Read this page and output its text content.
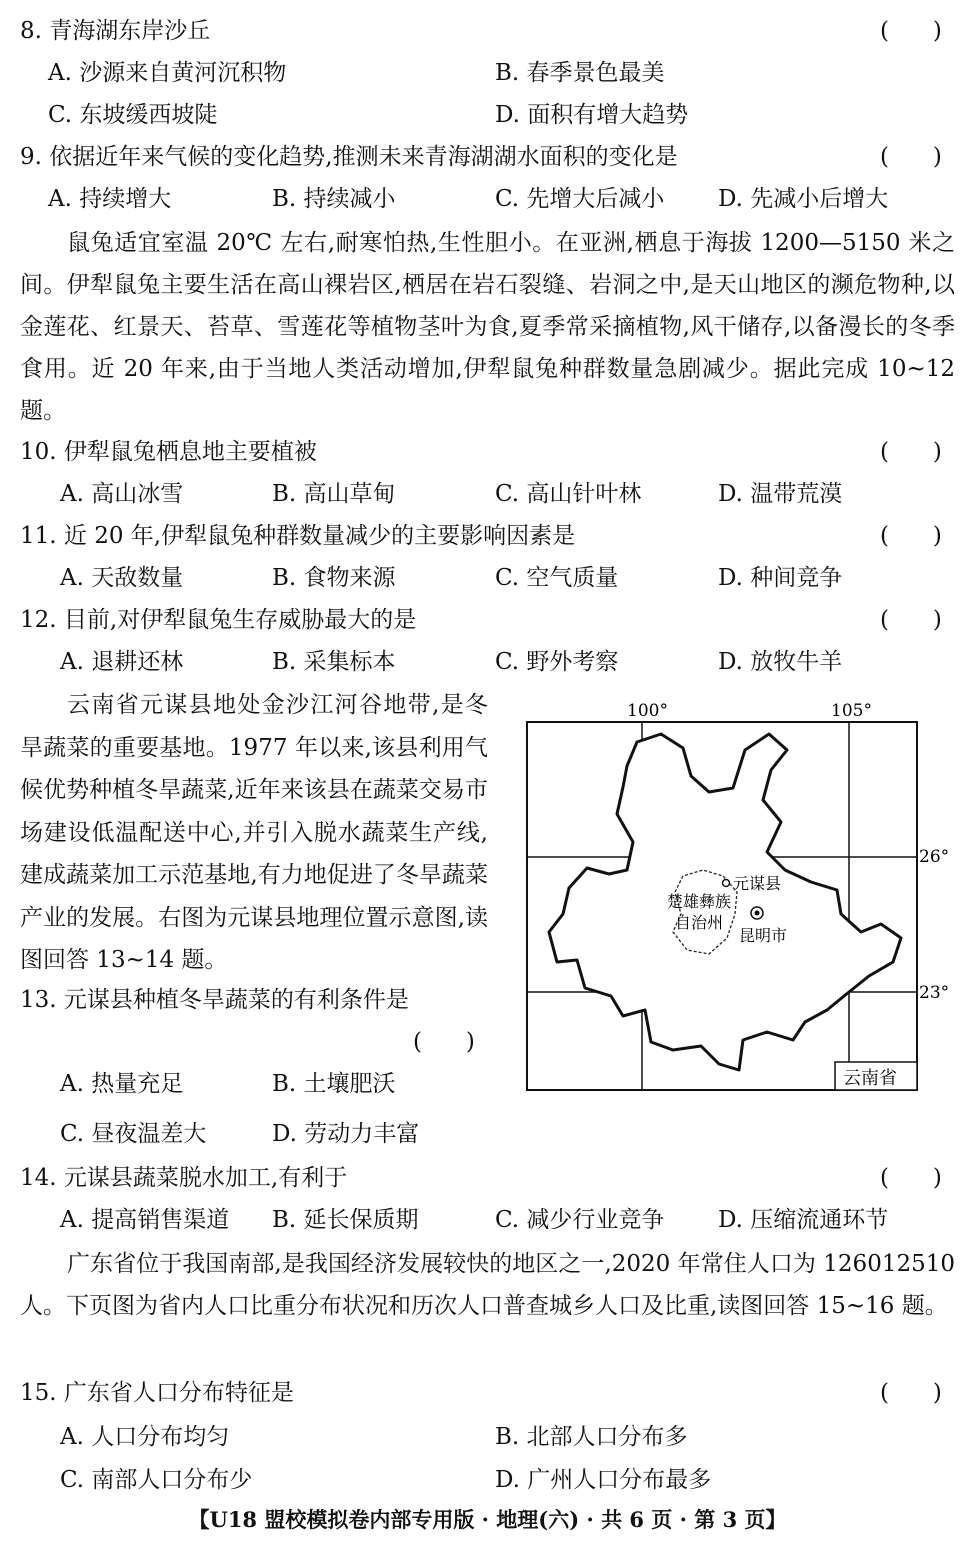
8. 青海湖东岸沙丘	(      )
A. 沙源来自黄河沉积物	B. 春季景色最美
C. 东坡缓西坡陡	D. 面积有增大趋势
9. 依据近年来气候的变化趋势,推测未来青海湖湖水面积的变化是	(      )
A. 持续增大	B. 持续减小	C. 先增大后减小 D. 先减小后增大
鼠兔适宜室温 20℃ 左右,耐寒怕热,生性胆小。在亚洲,栖息于海拔 1200—5150 米之间。伊犁鼠兔主要生活在高山裸岩区,栖居在岩石裂缝、岩洞之中,是天山地区的濒危物种,以金莲花、红景天、苔草、雪莲花等植物茎叶为食,夏季常采摘植物,风干储存,以备漫长的冬季食用。近 20 年来,由于当地人类活动增加,伊犁鼠兔种群数量急剧减少。据此完成 10~12 题。
10. 伊犁鼠兔栖息地主要植被	(      )
A. 高山冰雪	B. 高山草甸	C. 高山针叶林	D. 温带荒漠
11. 近 20 年,伊犁鼠兔种群数量减少的主要影响因素是	(      )
A. 天敌数量	B. 食物来源	C. 空气质量	D. 种间竞争
12. 目前,对伊犁鼠兔生存威胁最大的是	(      )
A. 退耕还林	B. 采集标本	C. 野外考察	D. 放牧牛羊
云南省元谋县地处金沙江河谷地带,是冬旱蔬菜的重要基地。1977 年以来,该县利用气候优势种植冬旱蔬菜,近年来该县在蔬菜交易市场建设低温配送中心,并引入脱水蔬菜生产线,建成蔬菜加工示范基地,有力地促进了冬旱蔬菜产业的发展。右图为元谋县地理位置示意图,读图回答 13~14 题。
100°	105°
26°
23°
元谋县
楚雄彝族
自治州
昆明市
云南省
13. 元谋县种植冬旱蔬菜的有利条件是
(      )
A. 热量充足	B. 土壤肥沃
C. 昼夜温差大	D. 劳动力丰富
14. 元谋县蔬菜脱水加工,有利于	(      )
A. 提高销售渠道 B. 延长保质期	C. 减少行业竞争 D. 压缩流通环节
广东省位于我国南部,是我国经济发展较快的地区之一,2020 年常住人口为 126012510 人。下页图为省内人口比重分布状况和历次人口普查城乡人口及比重,读图回答 15~16 题。
15. 广东省人口分布特征是	(      )
A. 人口分布均匀	B. 北部人口分布多
C. 南部人口分布少	D. 广州人口分布最多
【U18 盟校模拟卷内部专用版 · 地理(六) · 共 6 页 · 第 3 页】
